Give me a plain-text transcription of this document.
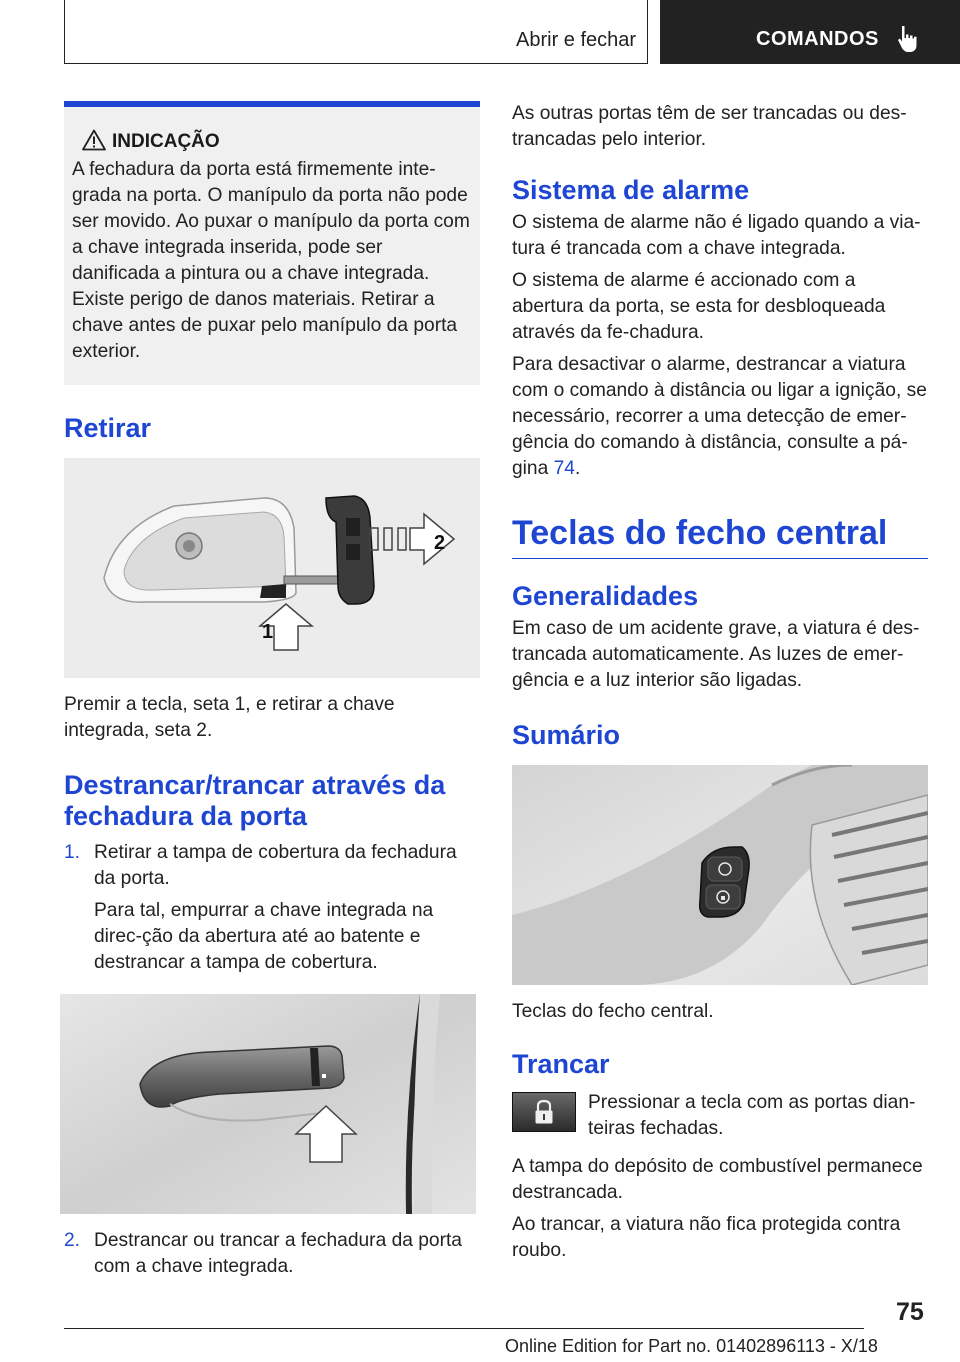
Abrir e fechar	COMANDOS
INDICAÇÃO

A fechadura da porta está firmemente inte-grada na porta. O manípulo da porta não pode ser movido. Ao puxar o manípulo da porta com a chave integrada inserida, pode ser danificada a pintura ou a chave integrada. Existe perigo de danos materiais. Retirar a chave antes de puxar pelo manípulo da porta exterior.

Retirar
2
1

Premir a tecla, seta 1, e retirar a chave integrada, seta 2.

Destrancar/trancar através da fechadura da porta
1. Retirar a tampa de cobertura da fechadura da porta.

Para tal, empurrar a chave integrada na direc-ção da abertura até ao batente e destrancar a tampa de cobertura.

2. Destrancar ou trancar a fechadura da porta com a chave integrada.

As outras portas têm de ser trancadas ou des-trancadas pelo interior.

Sistema de alarme

O sistema de alarme não é ligado quando a via-tura é trancada com a chave integrada.

O sistema de alarme é accionado com a abertura da porta, se esta for desbloqueada através da fe-chadura.

Para desactivar o alarme, destrancar a viatura com o comando à distância ou ligar a ignição, se necessário, recorrer a uma detecção de emer-gência do comando à distância, consulte a pá-gina 74.

Teclas do fecho central
Generalidades

Em caso de um acidente grave, a viatura é des-trancada automaticamente. As luzes de emer-gência e a luz interior são ligadas.

Sumário

Teclas do fecho central.

Trancar

Pressionar a tecla com as portas dian-teiras fechadas.

A tampa do depósito de combustível permanece destrancada.

Ao trancar, a viatura não fica protegida contra roubo.

75
Online Edition for Part no. 01402896113 - X/18
